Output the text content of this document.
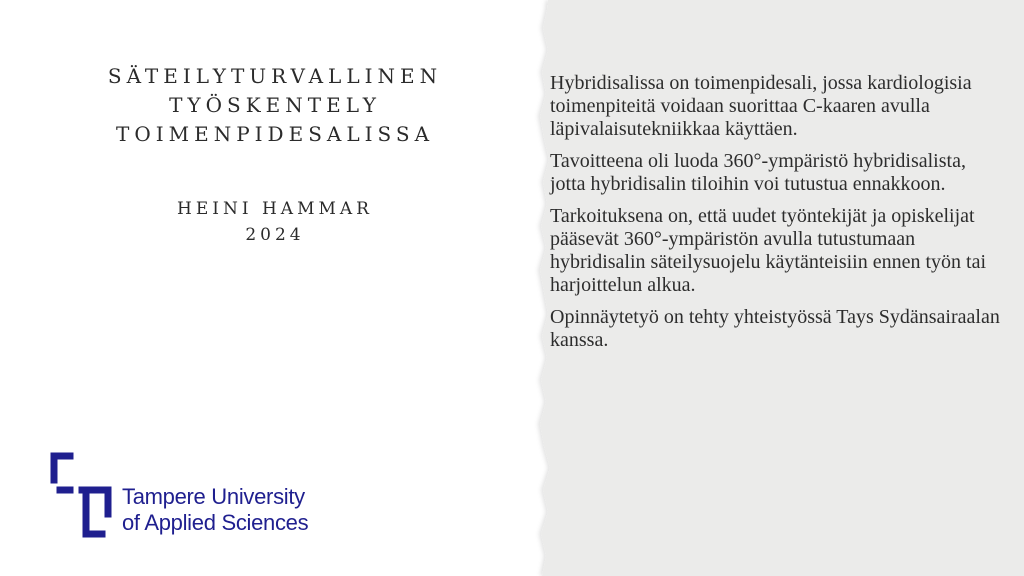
SÄTEILYTURVALLINEN
TYÖSKENTELY
TOIMENPIDESALISSA
HEINI HAMMAR
2024
Tampere University
of Applied Sciences

Hybridisalissa on toimenpidesali, jossa kardiologisia toimenpiteitä voidaan suorittaa C-kaaren avulla läpivalaisutekniikkaa käyttäen.

Tavoitteena oli luoda 360°-ympäristö hybridisalista, jotta hybridisalin tiloihin voi tutustua ennakkoon.

Tarkoituksena on, että uudet työntekijät ja opiskelijat pääsevät 360°-ympäristön avulla tutustumaan hybridisalin säteilysuojelu käytänteisiin ennen työn tai harjoittelun alkua.

Opinnäytetyö on tehty yhteistyössä Tays Sydänsairaalan kanssa.
